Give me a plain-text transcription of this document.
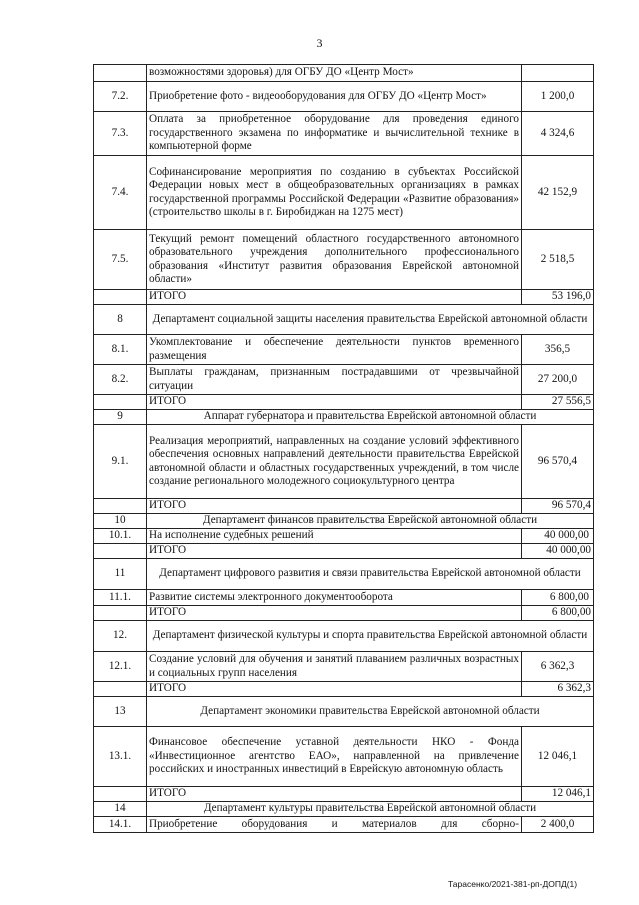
3
	возможностями здоровья) для ОГБУ ДО «Центр Мост»	
7.2.	Приобретение фото - видеооборудования для ОГБУ ДО «Центр Мост»	1 200,0
7.3.	Оплата за приобретенное оборудование для проведения единого государственного экзамена по информатике и вычислительной технике в компьютерной форме	4 324,6
7.4.	Софинансирование мероприятия по созданию в субъектах Российской Федерации новых мест в общеобразовательных организациях в рамках государственной программы Российской Федерации «Развитие образования» (строительство школы в г. Биробиджан на 1275 мест)	42 152,9
7.5.	Текущий ремонт помещений областного государственного автономного образовательного учреждения дополнительного профессионального образования «Институт развития образования Еврейской автономной области»	2 518,5
	ИТОГО	53 196,0
8	Департамент социальной защиты населения правительства Еврейской автономной области	
8.1.	Укомплектование и обеспечение деятельности пунктов временного размещения	356,5
8.2.	Выплаты гражданам, признанным пострадавшими от чрезвычайной ситуации	27 200,0
	ИТОГО	27 556,5
9	Аппарат губернатора и правительства Еврейской автономной области	
9.1.	Реализация мероприятий, направленных на создание условий эффективного обеспечения основных направлений деятельности правительства Еврейской автономной области и областных государственных учреждений, в том числе создание регионального молодежного социокультурного центра	96 570,4
	ИТОГО	96 570,4
10	Департамент финансов правительства Еврейской автономной области	
10.1.	На исполнение судебных решений	40 000,00
	ИТОГО	40 000,00
11	Департамент цифрового развития и связи правительства Еврейской автономной области	
11.1.	Развитие системы электронного документооборота	6 800,00
	ИТОГО	6 800,00
12.	Департамент физической культуры и спорта правительства Еврейской автономной области	
12.1.	Создание условий для обучения и занятий плаванием различных возрастных и социальных групп населения	6 362,3
	ИТОГО	6 362,3
13	Департамент экономики правительства Еврейской автономной области	
13.1.	Финансовое обеспечение уставной деятельности НКО - Фонда «Инвестиционное агентство ЕАО», направленной на привлечение российских и иностранных инвестиций в Еврейскую автономную область	12 046,1
	ИТОГО	12 046,1
14	Департамент культуры правительства Еврейской автономной области	
14.1.	Приобретение оборудования и материалов для сборно-	2 400,0
Тарасенко/2021-381-рп-ДОПД(1)
